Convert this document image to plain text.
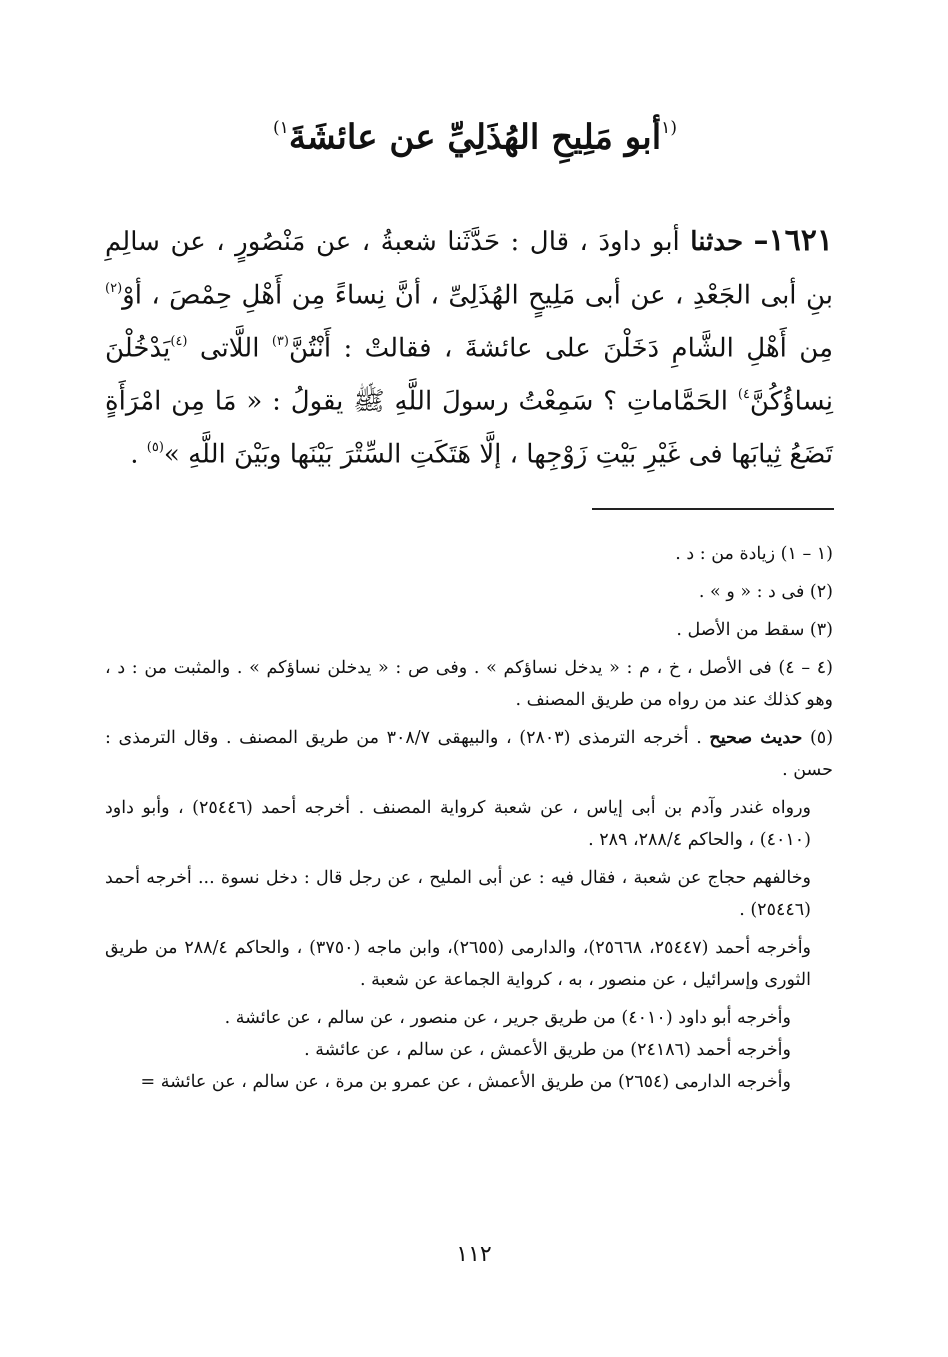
$^{(١}$أبو مَلِيحِ الهُذَلِيِّ عن عائشَةَ$^{١)}$
١٦٢١– حدثنا أبو داودَ ، قال : حَدَّثَنا شعبةُ ، عن مَنْصُورٍ ، عن سالِمِ بنِ أبى الجَعْدِ ، عن أبى مَلِيحٍ الهُذَلِىِّ ، أنَّ نِساءً مِن أَهْلِ حِمْصَ ، أوْ$^{(٢)}$ مِن أَهْلِ الشَّامِ دَخَلْنَ على عائشةَ ، فقالتْ : أَنْتُنَّ$^{(٣)}$ اللَّاتى $^{(٤)}$يَدْخُلْنَ نِساؤُكُنَّ$^{٤)}$ الحَمَّاماتِ ؟ سَمِعْتُ رسولَ اللَّهِ ﷺ يقولُ : « مَا مِن امْرَأَةٍ تَضَعُ ثِيابَها فى غَيْرِ بَيْتِ زَوْجِها ، إلَّا هَتَكَتِ السِّتْرَ بَيْنَها وبَيْنَ اللَّهِ »$^{(٥)}$ .

(١ – ١) زيادة من : د .

(٢) فى د : « و » .

(٣) سقط من الأصل .

(٤ – ٤) فى الأصل ، خ ، م : « يدخل نساؤكم » . وفى ص : « يدخلن نساؤكم » . والمثبت من : د ، وهو كذلك عند من رواه من طريق المصنف .

(٥) حديث صحيح . أخرجه الترمذى (٢٨٠٣) ، والبيهقى ٣٠٨/٧ من طريق المصنف . وقال الترمذى : حسن .

ورواه غندر وآدم بن أبى إياس ، عن شعبة كرواية المصنف . أخرجه أحمد (٢٥٤٤٦) ، وأبو داود (٤٠١٠) ، والحاكم ٢٨٨/٤، ٢٨٩ .

وخالفهم حجاج عن شعبة ، فقال فيه : عن أبى المليح ، عن رجل قال : دخل نسوة ... أخرجه أحمد (٢٥٤٤٦) .

وأخرجه أحمد (٢٥٤٤٧، ٢٥٦٦٨)، والدارمى (٢٦٥٥)، وابن ماجه (٣٧٥٠) ، والحاكم ٢٨٨/٤ من طريق الثورى وإسرائيل ، عن منصور ، به ، كرواية الجماعة عن شعبة .

وأخرجه أبو داود (٤٠١٠) من طريق جرير ، عن منصور ، عن سالم ، عن عائشة .

وأخرجه أحمد (٢٤١٨٦) من طريق الأعمش ، عن سالم ، عن عائشة .

وأخرجه الدارمى (٢٦٥٤) من طريق الأعمش ، عن عمرو بن مرة ، عن سالم ، عن عائشة =

١١٢
